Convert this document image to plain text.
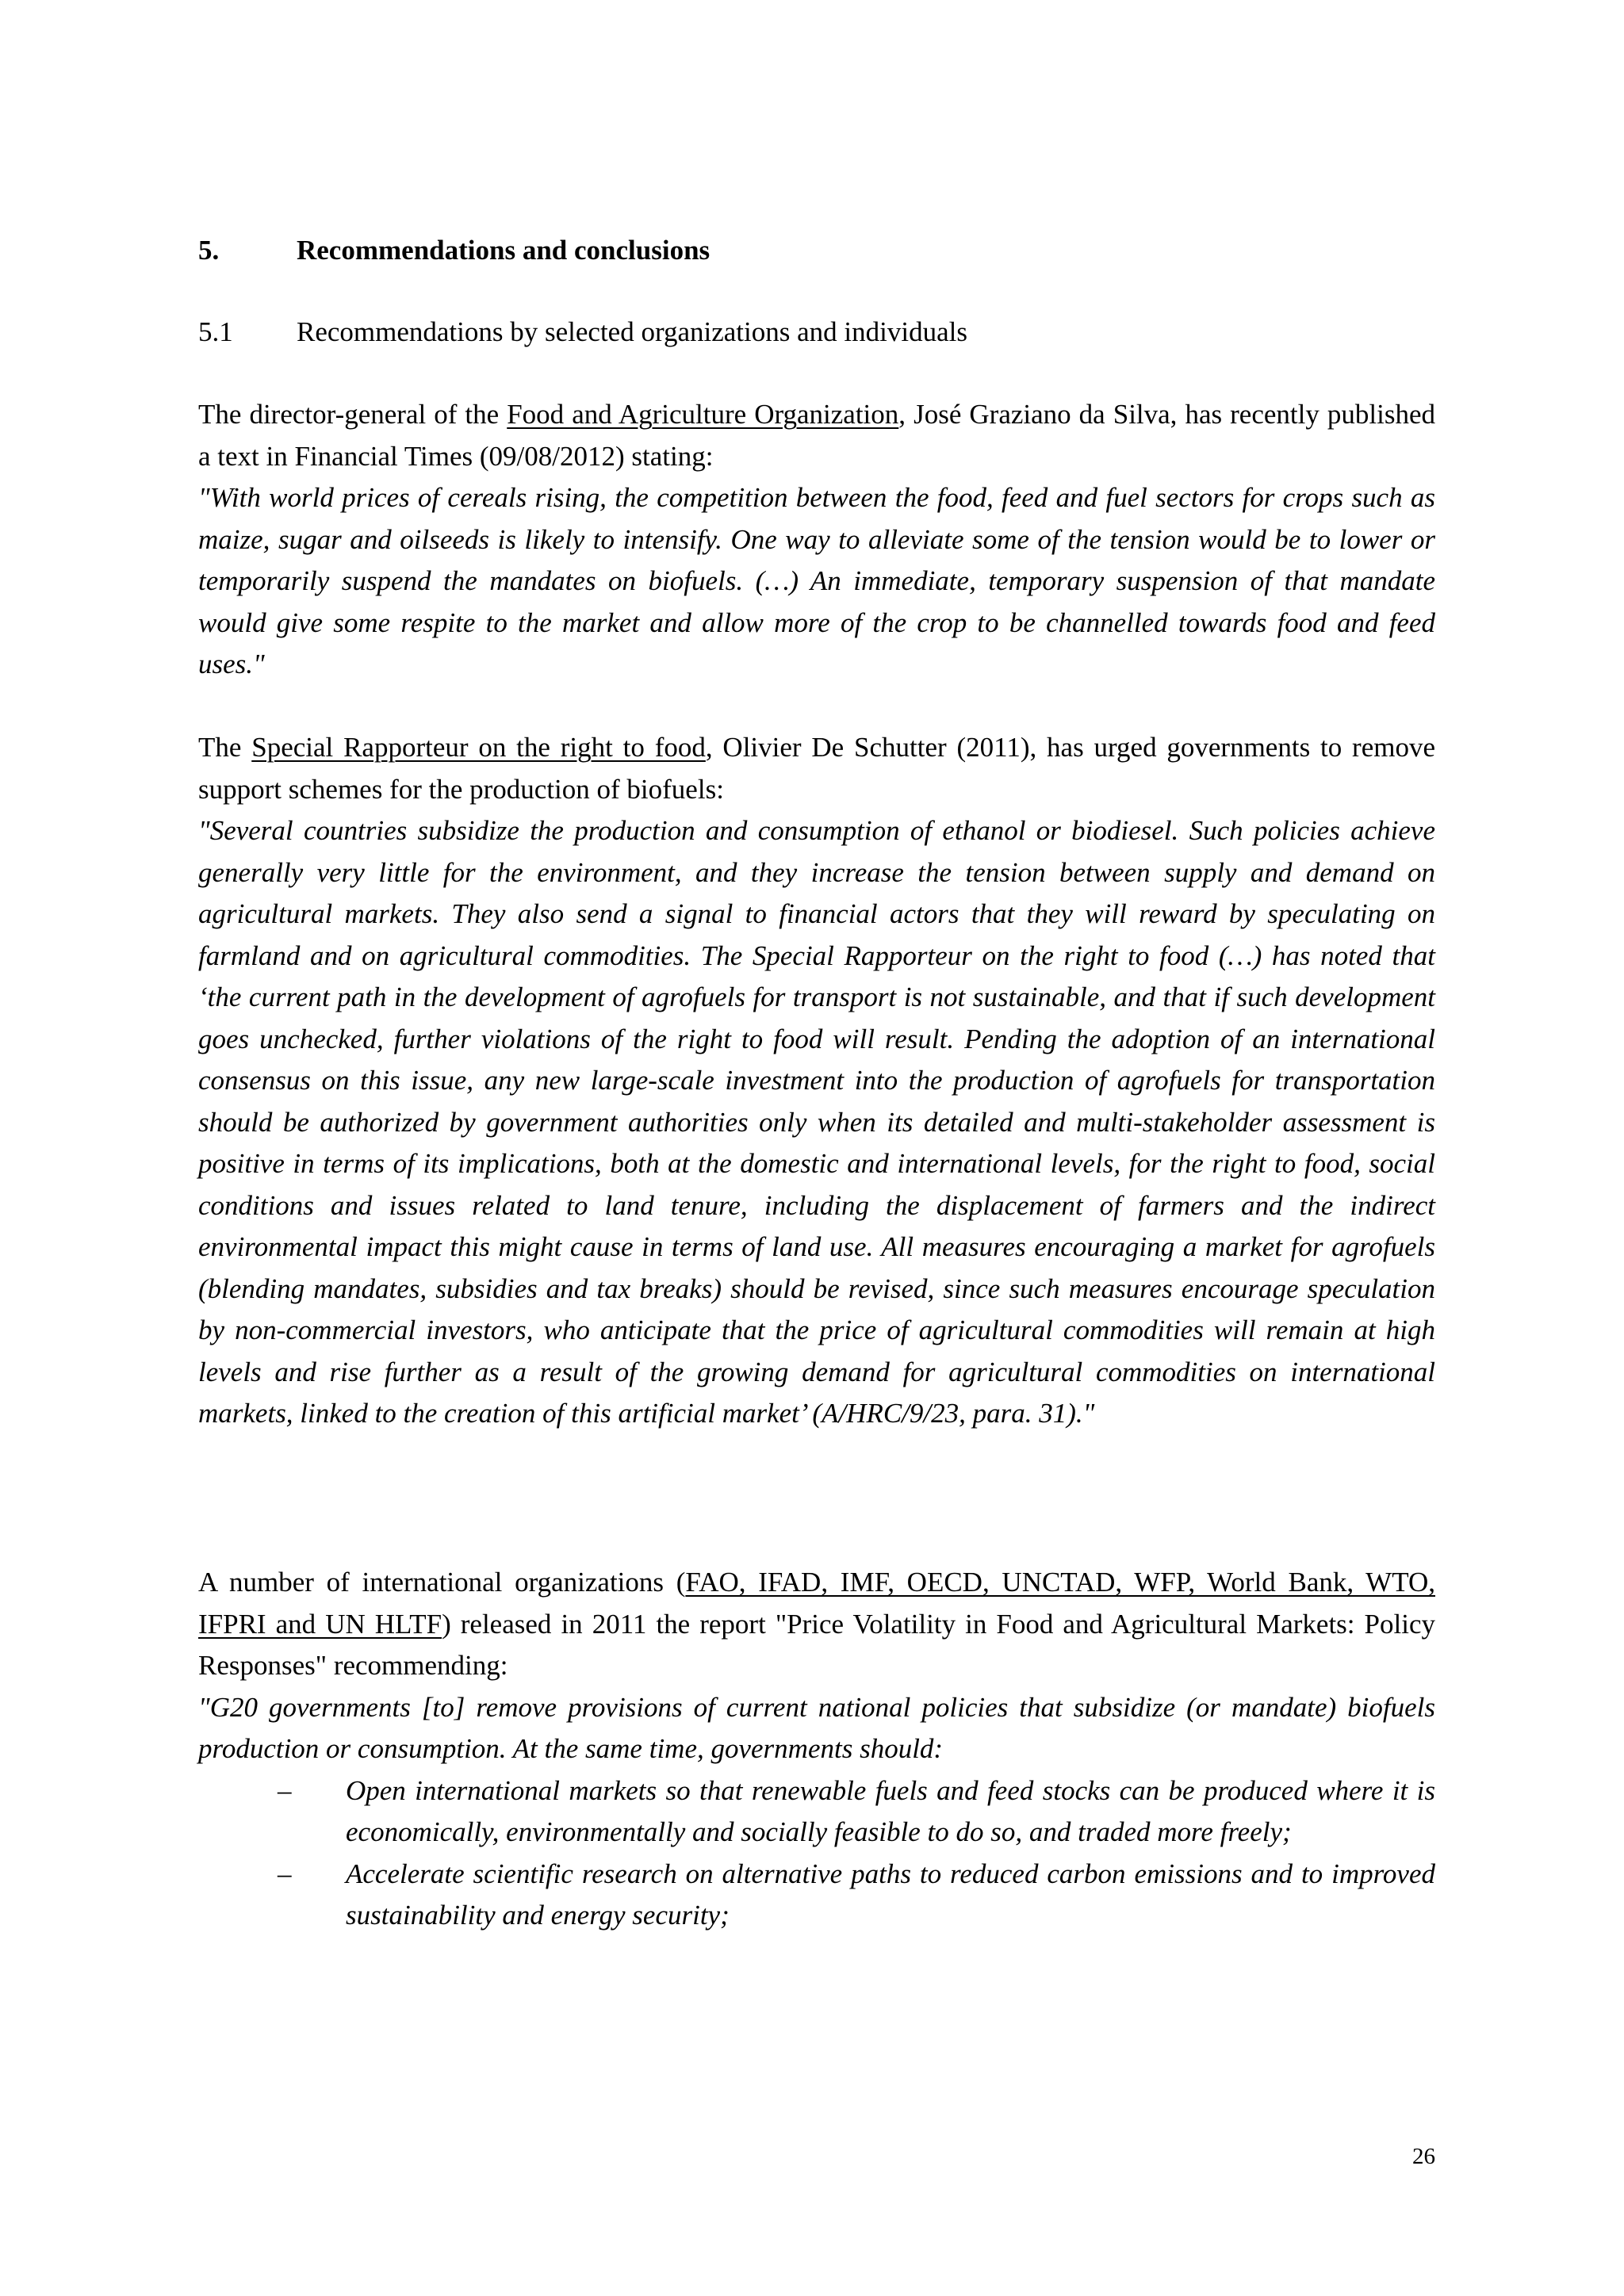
5.	Recommendations and conclusions
5.1 Recommendations by selected organizations and individuals

The director-general of the Food and Agriculture Organization, José Graziano da Silva, has recently published a text in Financial Times (09/08/2012) stating:

"With world prices of cereals rising, the competition between the food, feed and fuel sectors for crops such as maize, sugar and oilseeds is likely to intensify. One way to alleviate some of the tension would be to lower or temporarily suspend the mandates on biofuels. (…) An immediate, temporary suspension of that mandate would give some respite to the market and allow more of the crop to be channelled towards food and feed uses."

The Special Rapporteur on the right to food, Olivier De Schutter (2011), has urged governments to remove support schemes for the production of biofuels:

"Several countries subsidize the production and consumption of ethanol or biodiesel. Such policies achieve generally very little for the environment, and they increase the tension between supply and demand on agricultural markets. They also send a signal to financial actors that they will reward by speculating on farmland and on agricultural commodities. The Special Rapporteur on the right to food (…) has noted that ‘the current path in the development of agrofuels for transport is not sustainable, and that if such development goes unchecked, further violations of the right to food will result. Pending the adoption of an international consensus on this issue, any new large-scale investment into the production of agrofuels for transportation should be authorized by government authorities only when its detailed and multi-stakeholder assessment is positive in terms of its implications, both at the domestic and international levels, for the right to food, social conditions and issues related to land tenure, including the displacement of farmers and the indirect environmental impact this might cause in terms of land use. All measures encouraging a market for agrofuels (blending mandates, subsidies and tax breaks) should be revised, since such measures encourage speculation by non-commercial investors, who anticipate that the price of agricultural commodities will remain at high levels and rise further as a result of the growing demand for agricultural commodities on international markets, linked to the creation of this artificial market’ (A/HRC/9/23, para. 31)."

A number of international organizations (FAO, IFAD, IMF, OECD, UNCTAD, WFP, World Bank, WTO, IFPRI and UN HLTF) released in 2011 the report "Price Volatility in Food and Agricultural Markets: Policy Responses" recommending:

"G20 governments [to] remove provisions of current national policies that subsidize (or mandate) biofuels production or consumption. At the same time, governments should:

– Open international markets so that renewable fuels and feed stocks can be produced where it is economically, environmentally and socially feasible to do so, and traded more freely;
– Accelerate scientific research on alternative paths to reduced carbon emissions and to improved sustainability and energy security;
26
